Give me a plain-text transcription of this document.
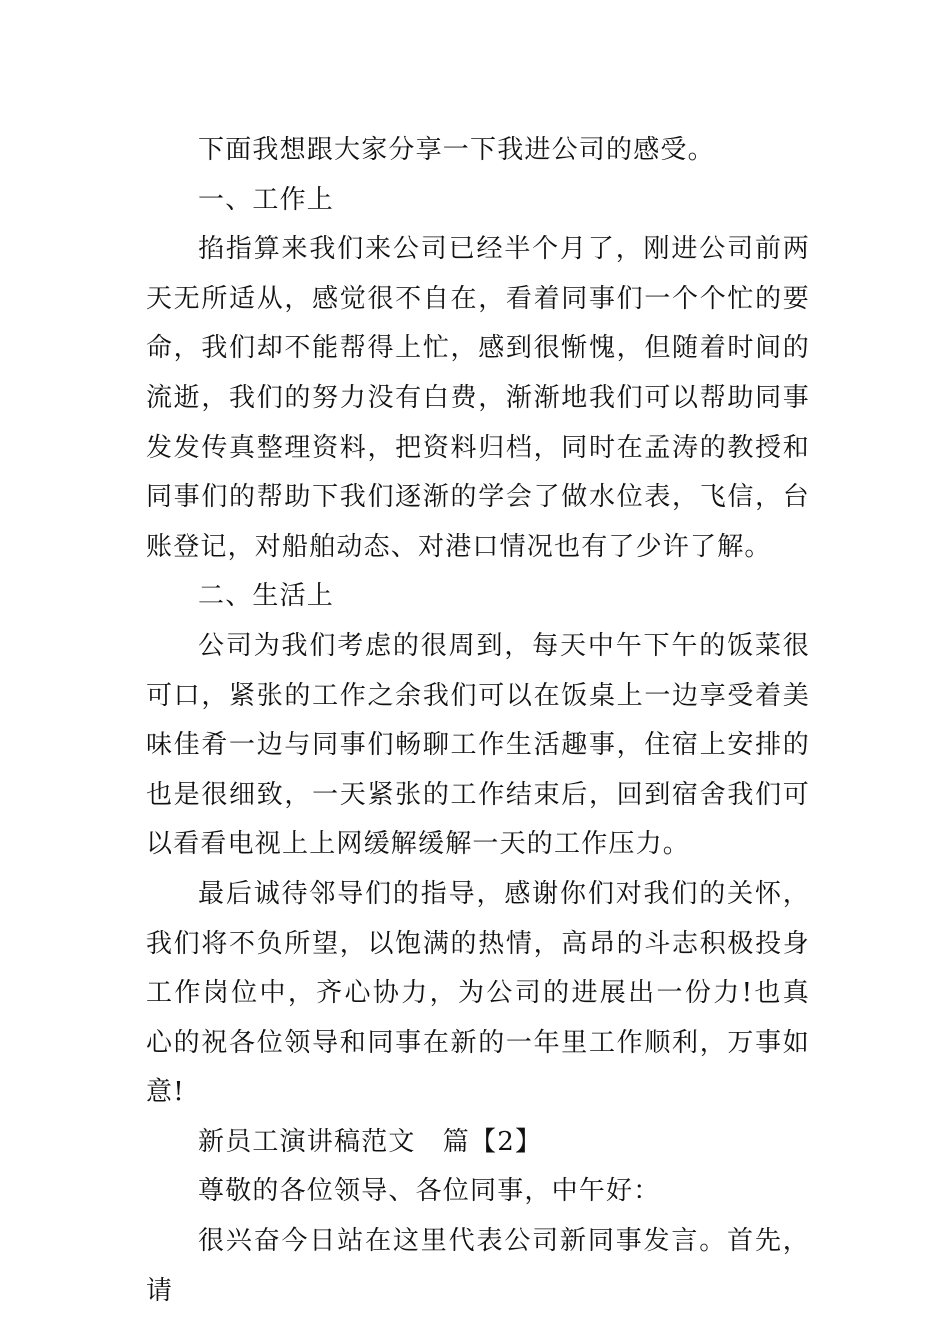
下面我想跟大家分享一下我进公司的感受。

一、工作上

掐指算来我们来公司已经半个月了，刚进公司前两天无所适从，感觉很不自在，看着同事们一个个忙的要命，我们却不能帮得上忙，感到很惭愧，但随着时间的流逝，我们的努力没有白费，渐渐地我们可以帮助同事发发传真整理资料，把资料归档，同时在孟涛的教授和同事们的帮助下我们逐渐的学会了做水位表，飞信，台账登记，对船舶动态、对港口情况也有了少许了解。

二、生活上

公司为我们考虑的很周到，每天中午下午的饭菜很可口，紧张的工作之余我们可以在饭桌上一边享受着美味佳肴一边与同事们畅聊工作生活趣事，住宿上安排的也是很细致，一天紧张的工作结束后，回到宿舍我们可以看看电视上上网缓解缓解一天的工作压力。

最后诚待邻导们的指导，感谢你们对我们的关怀，我们将不负所望，以饱满的热情，高昂的斗志积极投身工作岗位中，齐心协力，为公司的进展出一份力!也真心的祝各位领导和同事在新的一年里工作顺利，万事如意!

新员工演讲稿范文　篇【2】

尊敬的各位领导、各位同事，中午好：

很兴奋今日站在这里代表公司新同事发言。首先，请
